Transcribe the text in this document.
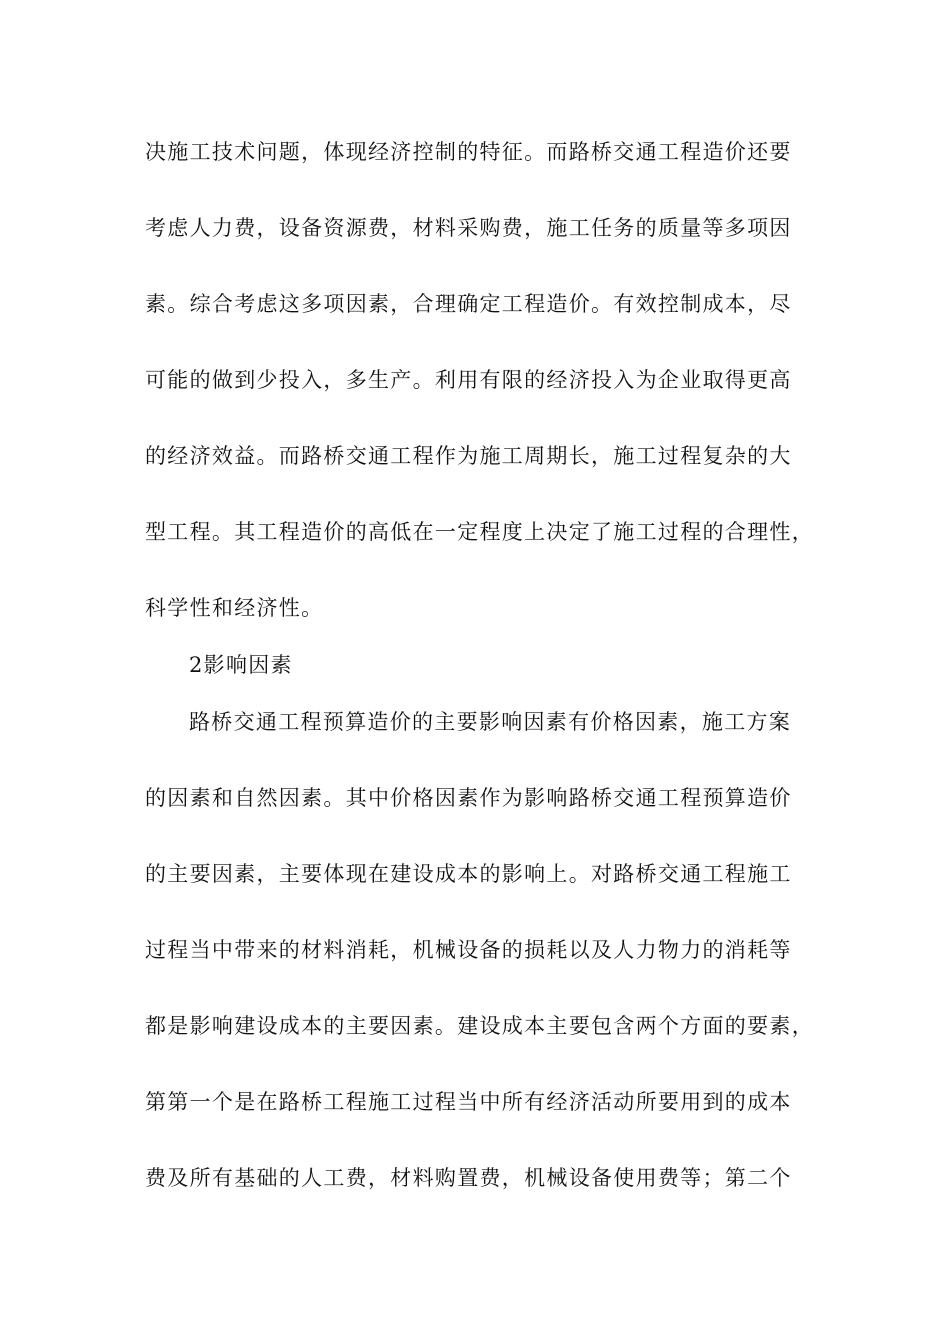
决施工技术问题，体现经济控制的特征。而路桥交通工程造价还要
考虑人力费，设备资源费，材料采购费，施工任务的质量等多项因
素。综合考虑这多项因素，合理确定工程造价。有效控制成本，尽
可能的做到少投入，多生产。利用有限的经济投入为企业取得更高
的经济效益。而路桥交通工程作为施工周期长，施工过程复杂的大
型工程。其工程造价的高低在一定程度上决定了施工过程的合理性，
科学性和经济性。
2影响因素
路桥交通工程预算造价的主要影响因素有价格因素，施工方案
的因素和自然因素。其中价格因素作为影响路桥交通工程预算造价
的主要因素，主要体现在建设成本的影响上。对路桥交通工程施工
过程当中带来的材料消耗，机械设备的损耗以及人力物力的消耗等
都是影响建设成本的主要因素。建设成本主要包含两个方面的要素，
第第一个是在路桥工程施工过程当中所有经济活动所要用到的成本
费及所有基础的人工费，材料购置费，机械设备使用费等；第二个
